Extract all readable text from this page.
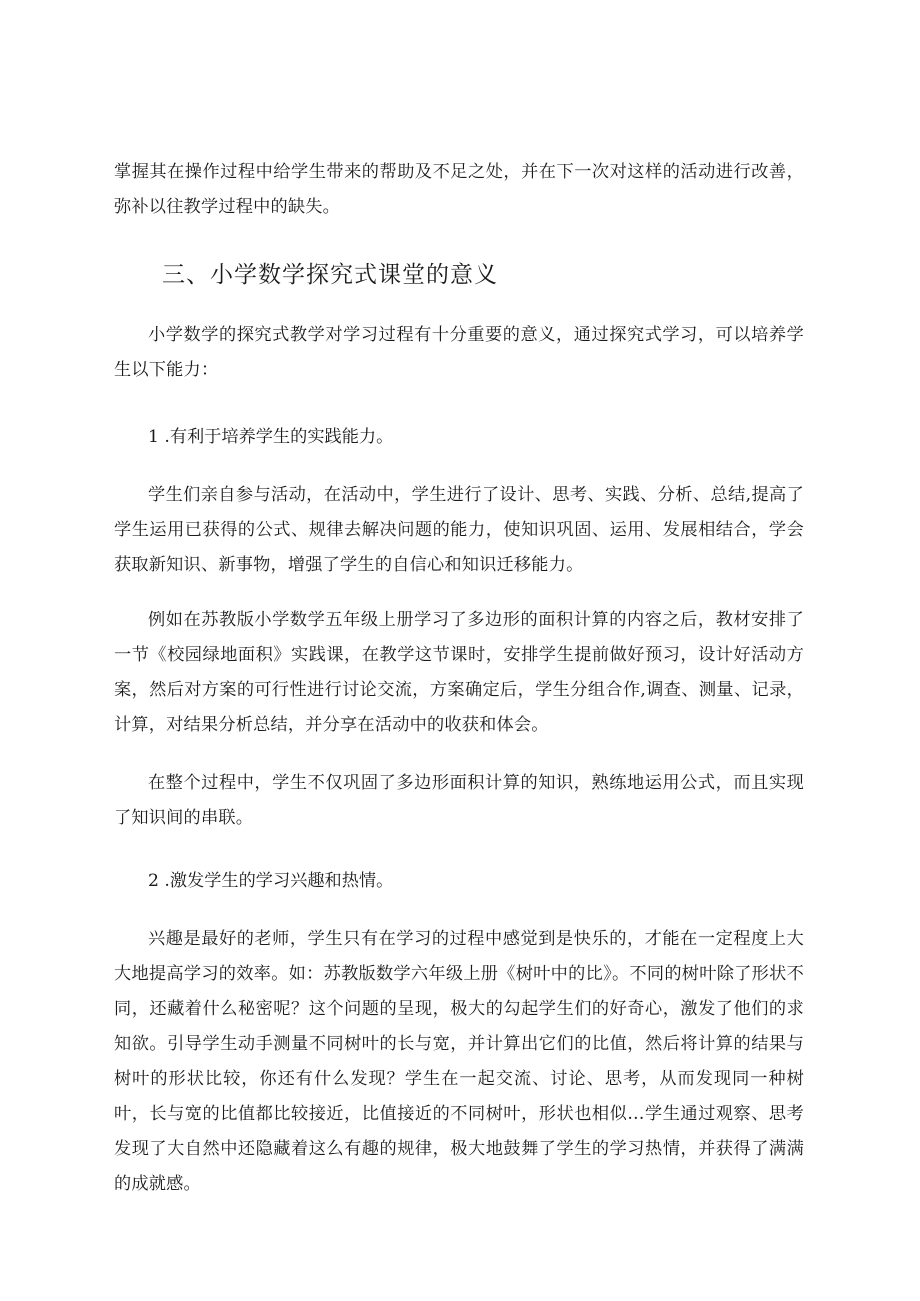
掌握其在操作过程中给学生带来的帮助及不足之处，并在下一次对这样的活动进行改善，弥补以往教学过程中的缺失。

三、小学数学探究式课堂的意义

小学数学的探究式教学对学习过程有十分重要的意义，通过探究式学习，可以培养学生以下能力：

1 .有利于培养学生的实践能力。

学生们亲自参与活动，在活动中，学生进行了设计、思考、实践、分析、总结,提高了学生运用已获得的公式、规律去解决问题的能力，使知识巩固、运用、发展相结合，学会获取新知识、新事物，增强了学生的自信心和知识迁移能力。

例如在苏教版小学数学五年级上册学习了多边形的面积计算的内容之后，教材安排了一节《校园绿地面积》实践课，在教学这节课时，安排学生提前做好预习，设计好活动方案，然后对方案的可行性进行讨论交流，方案确定后，学生分组合作,调查、测量、记录，计算，对结果分析总结，并分享在活动中的收获和体会。

在整个过程中，学生不仅巩固了多边形面积计算的知识，熟练地运用公式，而且实现了知识间的串联。

2 .激发学生的学习兴趣和热情。

兴趣是最好的老师，学生只有在学习的过程中感觉到是快乐的，才能在一定程度上大大地提高学习的效率。如：苏教版数学六年级上册《树叶中的比》。不同的树叶除了形状不同，还藏着什么秘密呢？这个问题的呈现，极大的勾起学生们的好奇心，激发了他们的求知欲。引导学生动手测量不同树叶的长与宽，并计算出它们的比值，然后将计算的结果与树叶的形状比较，你还有什么发现？学生在一起交流、讨论、思考，从而发现同一种树叶，长与宽的比值都比较接近，比值接近的不同树叶，形状也相似…学生通过观察、思考发现了大自然中还隐藏着这么有趣的规律，极大地鼓舞了学生的学习热情，并获得了满满的成就感。
